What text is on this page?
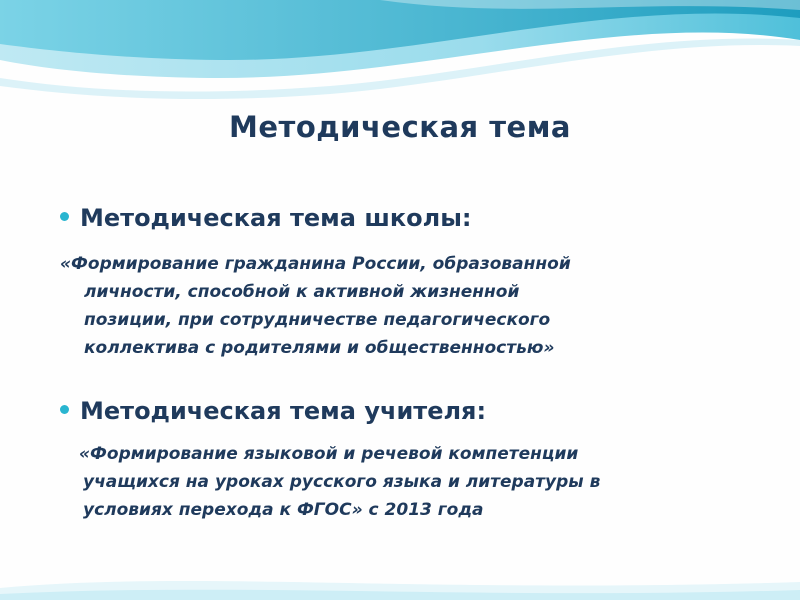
Методическая тема
Методическая тема школы:

«Формирование гражданина России, образованной
личности, способной к активной жизненной
позиции, при сотрудничестве педагогического
коллектива с родителями и общественностью»

Методическая тема учителя:

«Формирование языковой и речевой компетенции
учащихся на уроках русского языка и литературы в
условиях перехода к ФГОС» с 2013 года
